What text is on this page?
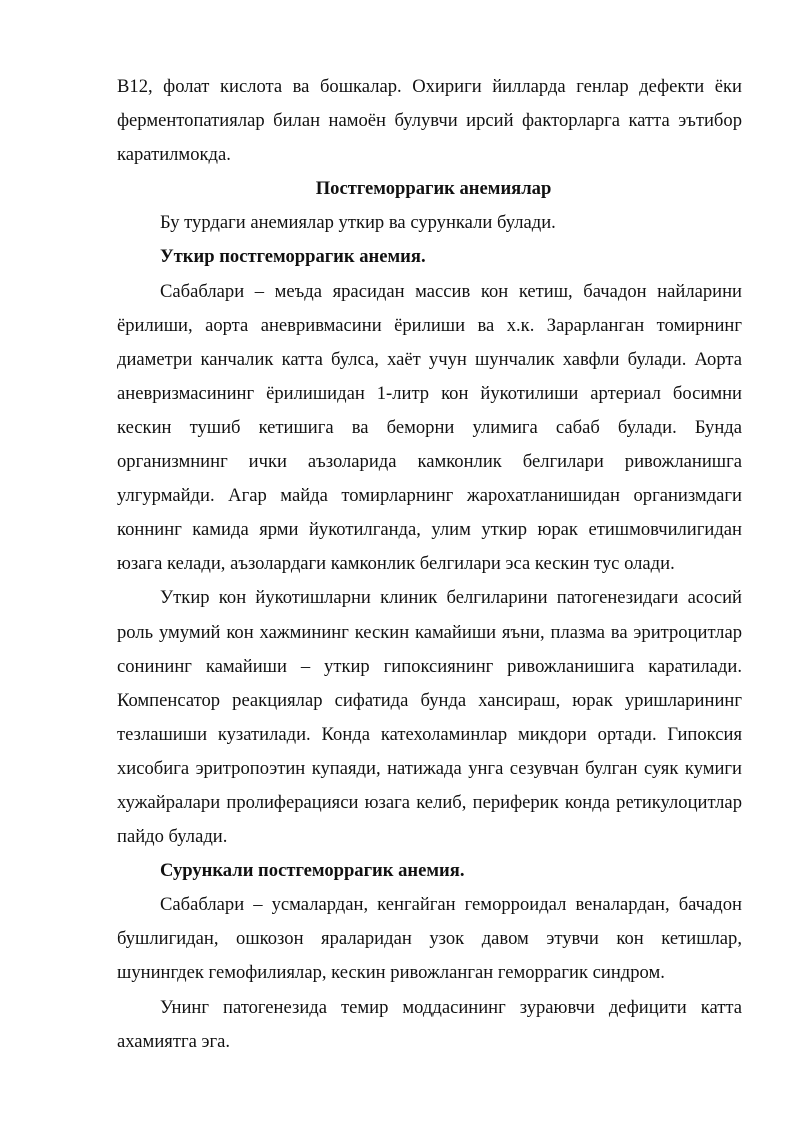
В12, фолат кислота ва бошкалар. Охириги йилларда генлар дефекти ёки ферментопатиялар билан намоён булувчи ирсий факторларга катта эътибор каратилмокда.

Постгеморрагик анемиялар

Бу турдаги анемиялар уткир ва сурункали булади.

Уткир постгеморрагик анемия.

Сабаблари – меъда ярасидан массив кон кетиш, бачадон найларини ёрилиши, аорта аневривмасини ёрилиши ва х.к. Зарарланган томирнинг диаметри канчалик катта булса, хаёт учун шунчалик хавфли булади. Аорта аневризмасининг ёрилишидан 1-литр кон йукотилиши артериал босимни кескин тушиб кетишига ва беморни улимига сабаб булади. Бунда организмнинг ички аъзоларида камконлик белгилари ривожланишга улгурмайди. Агар майда томирларнинг жарохатланишидан организмдаги коннинг камида ярми йукотилганда, улим уткир юрак етишмовчилигидан юзага келади, аъзолардаги камконлик белгилари эса кескин тус олади.

Уткир кон йукотишларни клиник белгиларини патогенезидаги асосий роль умумий кон хажмининг кескин камайиши яъни, плазма ва эритроцитлар сонининг камайиши – уткир гипоксиянинг ривожланишига каратилади. Компенсатор реакциялар сифатида бунда хансираш, юрак уришларининг тезлашиши кузатилади. Конда катехоламинлар микдори ортади. Гипоксия хисобига эритропоэтин купаяди, натижада унга сезувчан булган суяк кумиги хужайралари пролиферацияси юзага келиб, периферик конда ретикулоцитлар пайдо булади.

Сурункали постгеморрагик анемия.

Сабаблари – усмалардан, кенгайган геморроидал веналардан, бачадон бушлигидан, ошкозон яраларидан узок давом этувчи кон кетишлар, шунингдек гемофилиялар, кескин ривожланган геморрагик синдром.

Унинг патогенезида темир моддасининг зураювчи дефицити катта ахамиятга эга.
